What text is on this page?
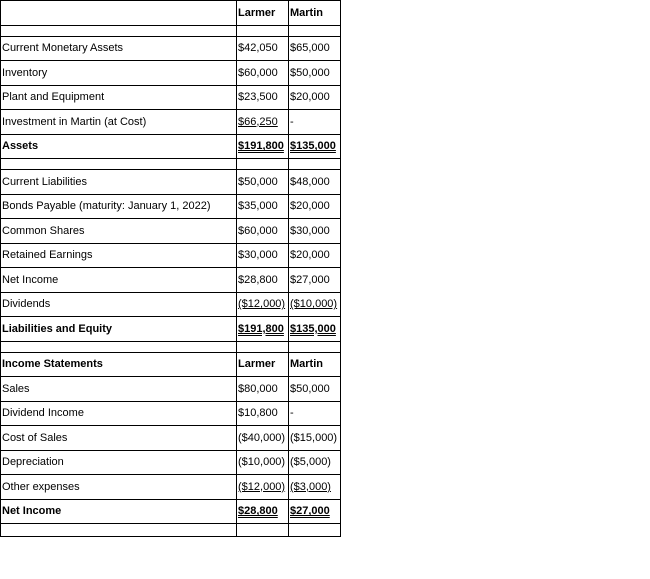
	Larmer	Martin

Current Monetary Assets	$42,050	$65,000
Inventory	$60,000	$50,000
Plant and Equipment	$23,500	$20,000
Investment in Martin (at Cost)	$66,250	-
Assets	$191,800	$135,000

Current Liabilities	$50,000	$48,000
Bonds Payable (maturity: January 1, 2022)	$35,000	$20,000
Common Shares	$60,000	$30,000
Retained Earnings	$30,000	$20,000
Net Income	$28,800	$27,000
Dividends	($12,000)	($10,000)
Liabilities and Equity	$191,800	$135,000

Income Statements	Larmer	Martin
Sales	$80,000	$50,000
Dividend Income	$10,800	-
Cost of Sales	($40,000)	($15,000)
Depreciation	($10,000)	($5,000)
Other expenses	($12,000)	($3,000)
Net Income	$28,800	$27,000
